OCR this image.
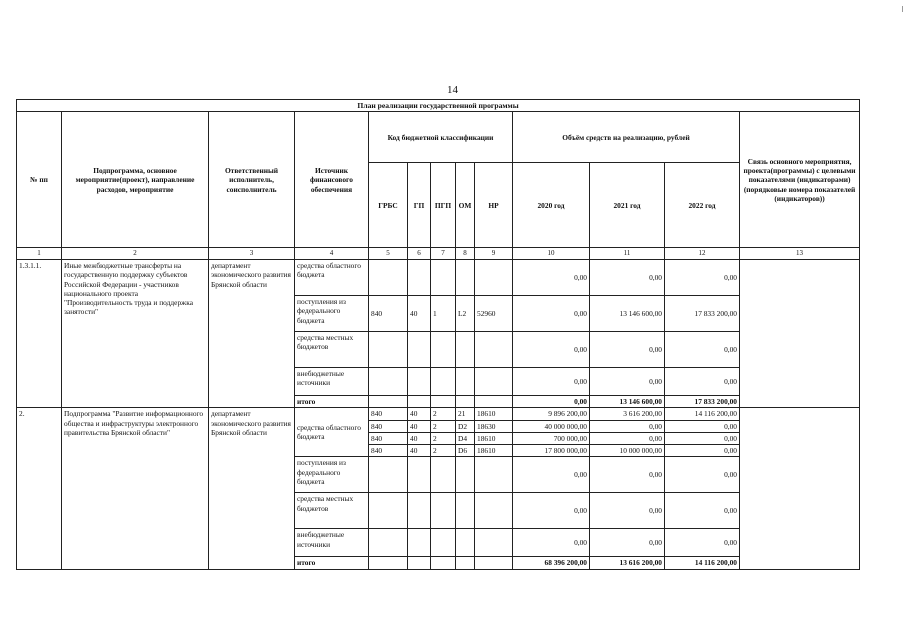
14
План реализации государственной программы												
№ пп	Подпрограмма, основное мероприятие(проект), направление расходов, мероприятие	Ответственный исполнитель, соисполнитель	Источник финансового обеспечения	Код бюджетной классификации					Объём средств на реализацию, рублей			Связь основного мероприятия, проекта(программы) с целевыми показателями (индикаторами) (порядковые номера показателей (индикаторов))
				ГРБС	ГП	ПГП	ОМ	НР	2020 год	2021 год	2022 год	
1	2	3	4	5	6	7	8	9	10	11	12	13
1.3.1.1.	Иные межбюджетные трансферты на государственную поддержку субъектов Российской Федерации - участников национального проекта "Производительность труда и поддержка занятости"	департамент экономического развития Брянской области	средства областного бюджета						0,00	0,00	0,00	
			поступления из федерального бюджета	840	40	1	L2	52960	0,00	13 146 600,00	17 833 200,00	
			средства местных бюджетов						0,00	0,00	0,00	
			внебюджетные источники						0,00	0,00	0,00	
			итого						0,00	13 146 600,00	17 833 200,00	
2.	Подпрограмма "Развитие информационного общества и инфраструктуры электронного правительства Брянской области"	департамент экономического развития Брянской области	средства областного бюджета	840	40	2	21	18610	9 896 200,00	3 616 200,00	14 116 200,00	
				840	40	2	D2	18630	40 000 000,00	0,00	0,00	
				840	40	2	D4	18610	700 000,00	0,00	0,00	
				840	40	2	D6	18610	17 800 000,00	10 000 000,00	0,00	
			поступления из федерального бюджета						0,00	0,00	0,00	
			средства местных бюджетов						0,00	0,00	0,00	
			внебюджетные источники						0,00	0,00	0,00	
			итого						68 396 200,00	13 616 200,00	14 116 200,00	
